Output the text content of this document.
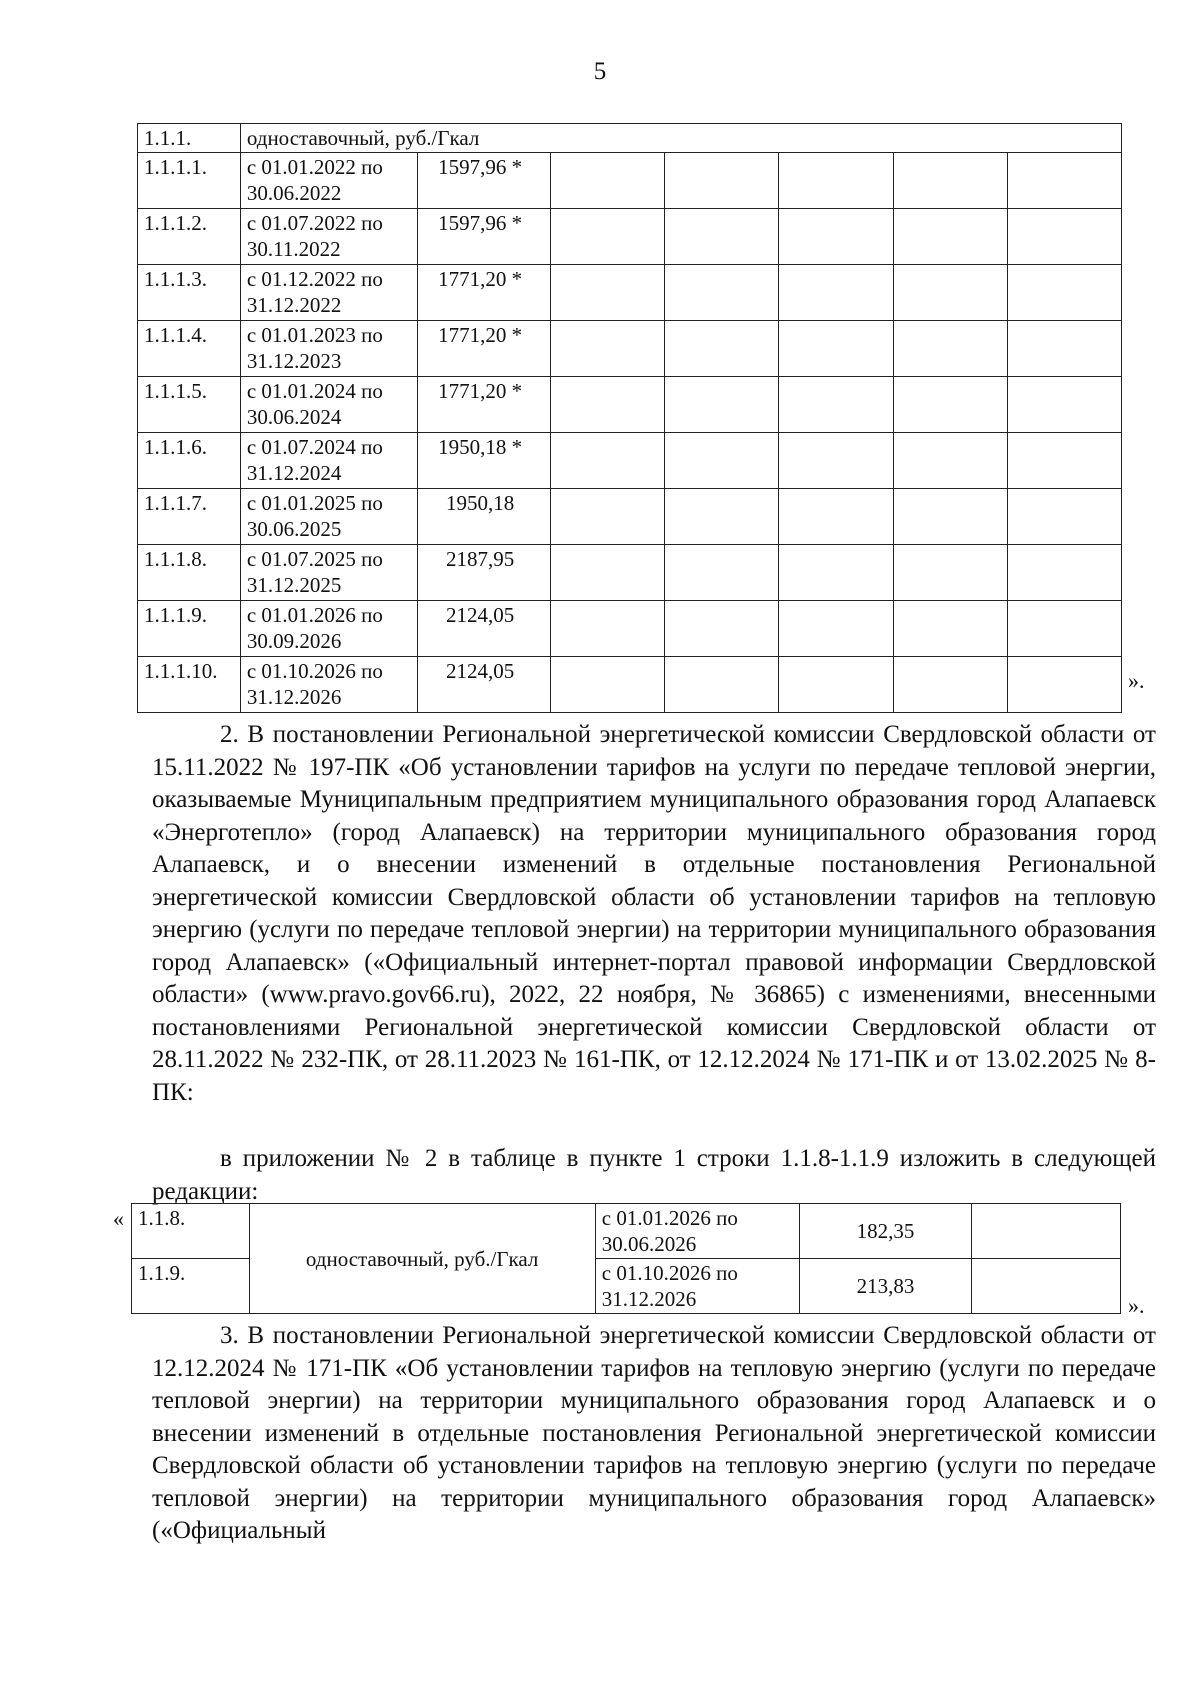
5
1.1.1.	одноставочный, руб./Гкал						
1.1.1.1.	с 01.01.2022 по 30.06.2022	1597,96 *					
1.1.1.2.	с 01.07.2022 по 30.11.2022	1597,96 *					
1.1.1.3.	с 01.12.2022 по 31.12.2022	1771,20 *					
1.1.1.4.	с 01.01.2023 по 31.12.2023	1771,20 *					
1.1.1.5.	с 01.01.2024 по 30.06.2024	1771,20 *					
1.1.1.6.	с 01.07.2024 по 31.12.2024	1950,18 *					
1.1.1.7.	с 01.01.2025 по 30.06.2025	1950,18					
1.1.1.8.	с 01.07.2025 по 31.12.2025	2187,95					
1.1.1.9.	с 01.01.2026 по 30.09.2026	2124,05					
1.1.1.10.	с 01.10.2026 по 31.12.2026	2124,05						».

2. В постановлении Региональной энергетической комиссии Свердловской области от 15.11.2022 № 197-ПК «Об установлении тарифов на услуги по передаче тепловой энергии, оказываемые Муниципальным предприятием муниципального образования город Алапаевск «Энерготепло» (город Алапаевск) на территории муниципального образования город Алапаевск, и о внесении изменений в отдельные постановления Региональной энергетической комиссии Свердловской области об установлении тарифов на тепловую энергию (услуги по передаче тепловой энергии) на территории муниципального образования город Алапаевск» («Официальный интернет-портал правовой информации Свердловской области» (www.pravo.gov66.ru), 2022, 22 ноября, № 36865) с изменениями, внесенными постановлениями Региональной энергетической комиссии Свердловской области от 28.11.2022 № 232-ПК, от 28.11.2023 № 161-ПК, от 12.12.2024 № 171-ПК и от 13.02.2025 № 8-ПК:

в приложении № 2 в таблице в пункте 1 строки 1.1.8-1.1.9 изложить в следующей редакции:

« 1.1.8.	одноставочный, руб./Гкал	с 01.01.2026 по 30.06.2026	182,35	
1.1.9.		с 01.10.2026 по 31.12.2026	213,83	
».

3. В постановлении Региональной энергетической комиссии Свердловской области от 12.12.2024 № 171-ПК «Об установлении тарифов на тепловую энергию (услуги по передаче тепловой энергии) на территории муниципального образования город Алапаевск и о внесении изменений в отдельные постановления Региональной энергетической комиссии Свердловской области об установлении тарифов на тепловую энергию (услуги по передаче тепловой энергии) на территории муниципального образования город Алапаевск» («Официальный
